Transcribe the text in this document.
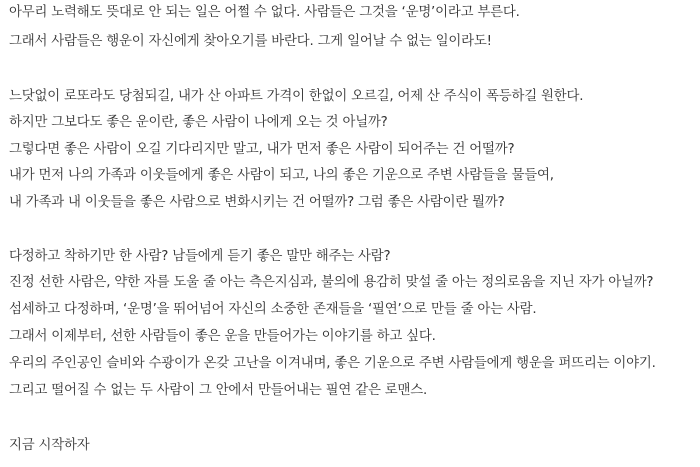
아무리 노력해도 뜻대로 안 되는 일은 어쩔 수 없다. 사람들은 그것을 ‘운명’이라고 부른다.
그래서 사람들은 행운이 자신에게 찾아오기를 바란다. 그게 일어날 수 없는 일이라도!
느닷없이 로또라도 당첨되길, 내가 산 아파트 가격이 한없이 오르길, 어제 산 주식이 폭등하길 원한다.
하지만 그보다도 좋은 운이란, 좋은 사람이 나에게 오는 것 아닐까?
그렇다면 좋은 사람이 오길 기다리지만 말고, 내가 먼저 좋은 사람이 되어주는 건 어떨까?
내가 먼저 나의 가족과 이웃들에게 좋은 사람이 되고, 나의 좋은 기운으로 주변 사람들을 물들여,
내 가족과 내 이웃들을 좋은 사람으로 변화시키는 건 어떨까? 그럼 좋은 사람이란 뭘까?
다정하고 착하기만 한 사람? 남들에게 듣기 좋은 말만 해주는 사람?
진정 선한 사람은, 약한 자를 도울 줄 아는 측은지심과, 불의에 용감히 맞설 줄 아는 정의로움을 지닌 자가 아닐까?
섬세하고 다정하며, ‘운명’을 뛰어넘어 자신의 소중한 존재들을 ‘필연’으로 만들 줄 아는 사람.
그래서 이제부터, 선한 사람들이 좋은 운을 만들어가는 이야기를 하고 싶다.
우리의 주인공인 슬비와 수광이가 온갖 고난을 이겨내며, 좋은 기운으로 주변 사람들에게 행운을 퍼뜨리는 이야기.
그리고 떨어질 수 없는 두 사람이 그 안에서 만들어내는 필연 같은 로맨스.
지금 시작하자
